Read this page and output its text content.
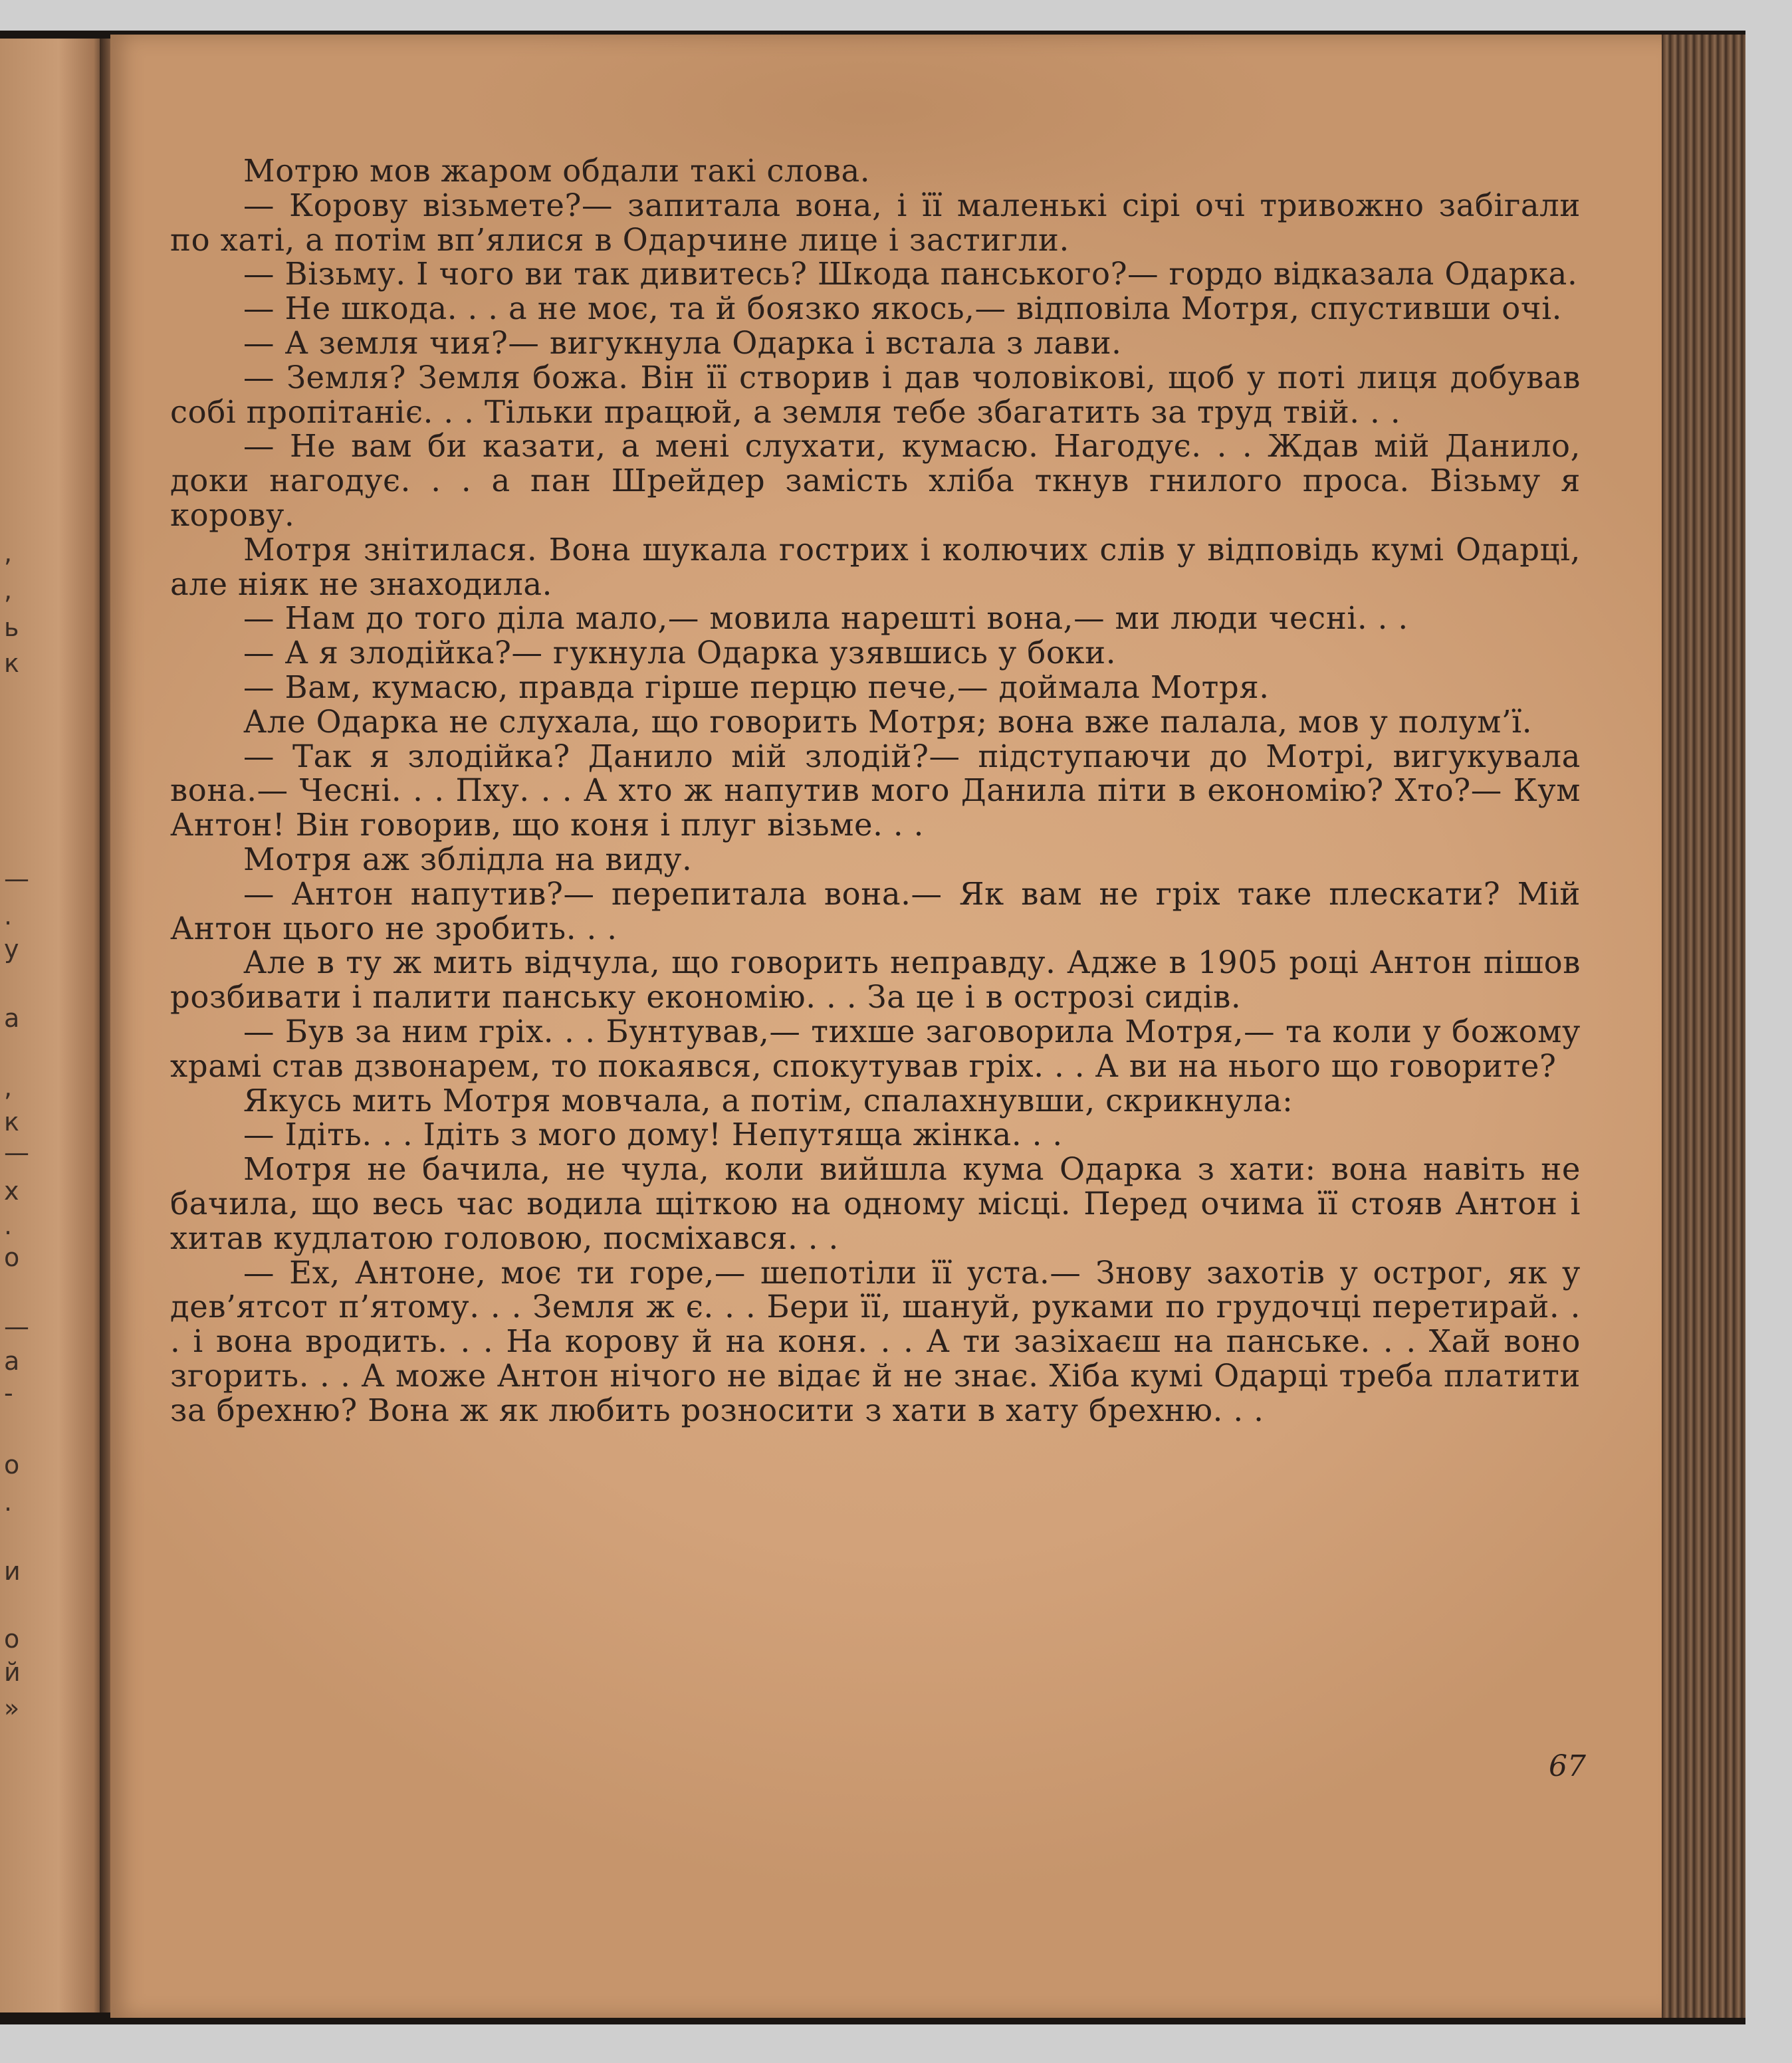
,
,
ь
к
—
.
у
а
,
к
—
х
.
о
—
а
-
о
.
и
о
й
»

Мотрю мов жаром обдали такі слова.

— Корову візьмете?— запитала вона, і її маленькі сірі очі тривожно забігали по хаті, а потім вп’ялися в Одарчине лице і застигли.

— Візьму. І чого ви так дивитесь? Шкода панського?— гордо відказала Одарка.

— Не шкода. . . а не моє, та й боязко якось,— відповіла Мотря, спустивши очі.

— А земля чия?— вигукнула Одарка і встала з лави.

— Земля? Земля божа. Він її створив і дав чоловікові, щоб у поті лиця добував собі пропітаніє. . . Тільки працюй, а земля тебе збагатить за труд твій. . .

— Не вам би казати, а мені слухати, кумасю. Нагодує. . . Ждав мій Данило, доки нагодує. . . а пан Шрейдер замість хліба ткнув гнилого проса. Візьму я корову.

Мотря знітилася. Вона шукала гострих і колючих слів у відповідь кумі Одарці, але ніяк не знаходила.

— Нам до того діла мало,— мовила нарешті вона,— ми люди чесні. . .

— А я злодійка?— гукнула Одарка узявшись у боки.

— Вам, кумасю, правда гірше перцю пече,— доймала Мотря.

Але Одарка не слухала, що говорить Мотря; вона вже палала, мов у полум’ї.

— Так я злодійка? Данило мій злодій?— підступаючи до Мотрі, вигукувала вона.— Чесні. . . Пху. . . А хто ж напутив мого Данила піти в економію? Хто?— Кум Антон! Він говорив, що коня і плуг візьме. . .

Мотря аж зблідла на виду.

— Антон напутив?— перепитала вона.— Як вам не гріх таке плескати? Мій Антон цього не зробить. . .

Але в ту ж мить відчула, що говорить неправду. Адже в 1905 році Антон пішов розбивати і палити панську економію. . . За це і в острозі сидів.

— Був за ним гріх. . . Бунтував,— тихше заговорила Мотря,— та коли у божому храмі став дзвонарем, то покаявся, спокутував гріх. . . А ви на нього що говорите?

Якусь мить Мотря мовчала, а потім, спалахнувши, скрикнула:

— Ідіть. . . Ідіть з мого дому! Непутяща жінка. . .

Мотря не бачила, не чула, коли вийшла кума Одарка з хати: вона навіть не бачила, що весь час водила щіткою на одному місці. Перед очима її стояв Антон і хитав кудлатою головою, посміхався. . .

— Ех, Антоне, моє ти горе,— шепотіли її уста.— Знову захотів у острог, як у дев’ятсот п’ятому. . . Земля ж є. . . Бери її, шануй, руками по грудочці перетирай. . . і вона вродить. . . На корову й на коня. . . А ти зазіхаєш на панське. . . Хай воно згорить. . . А може Антон нічого не відає й не знає. Хіба кумі Одарці треба платити за брехню? Вона ж як любить розносити з хати в хату брехню. . .

67
